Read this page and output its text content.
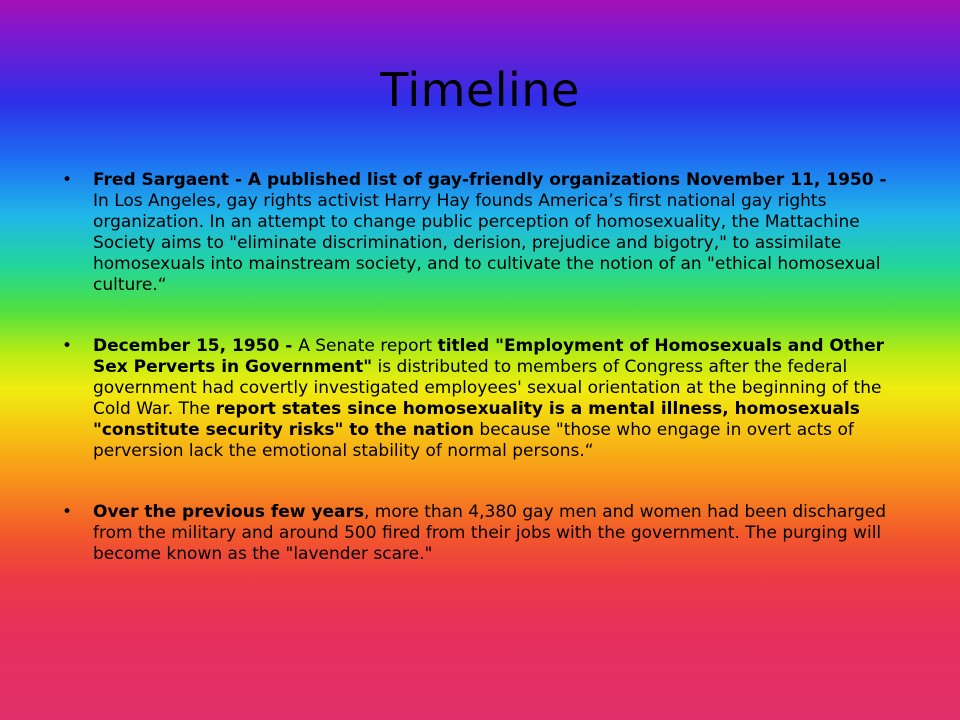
Timeline
• Fred Sargaent - A published list of gay-friendly organizations November 11, 1950 - In Los Angeles, gay rights activist Harry Hay founds America’s first national gay rights organization. In an attempt to change public perception of homosexuality, the Mattachine Society aims to "eliminate discrimination, derision, prejudice and bigotry," to assimilate homosexuals into mainstream society, and to cultivate the notion of an "ethical homosexual culture.“
• December 15, 1950 - A Senate report titled "Employment of Homosexuals and Other Sex Perverts in Government" is distributed to members of Congress after the federal government had covertly investigated employees' sexual orientation at the beginning of the Cold War. The report states since homosexuality is a mental illness, homosexuals "constitute security risks" to the nation because "those who engage in overt acts of perversion lack the emotional stability of normal persons.“
• Over the previous few years, more than 4,380 gay men and women had been discharged from the military and around 500 fired from their jobs with the government. The purging will become known as the "lavender scare."
